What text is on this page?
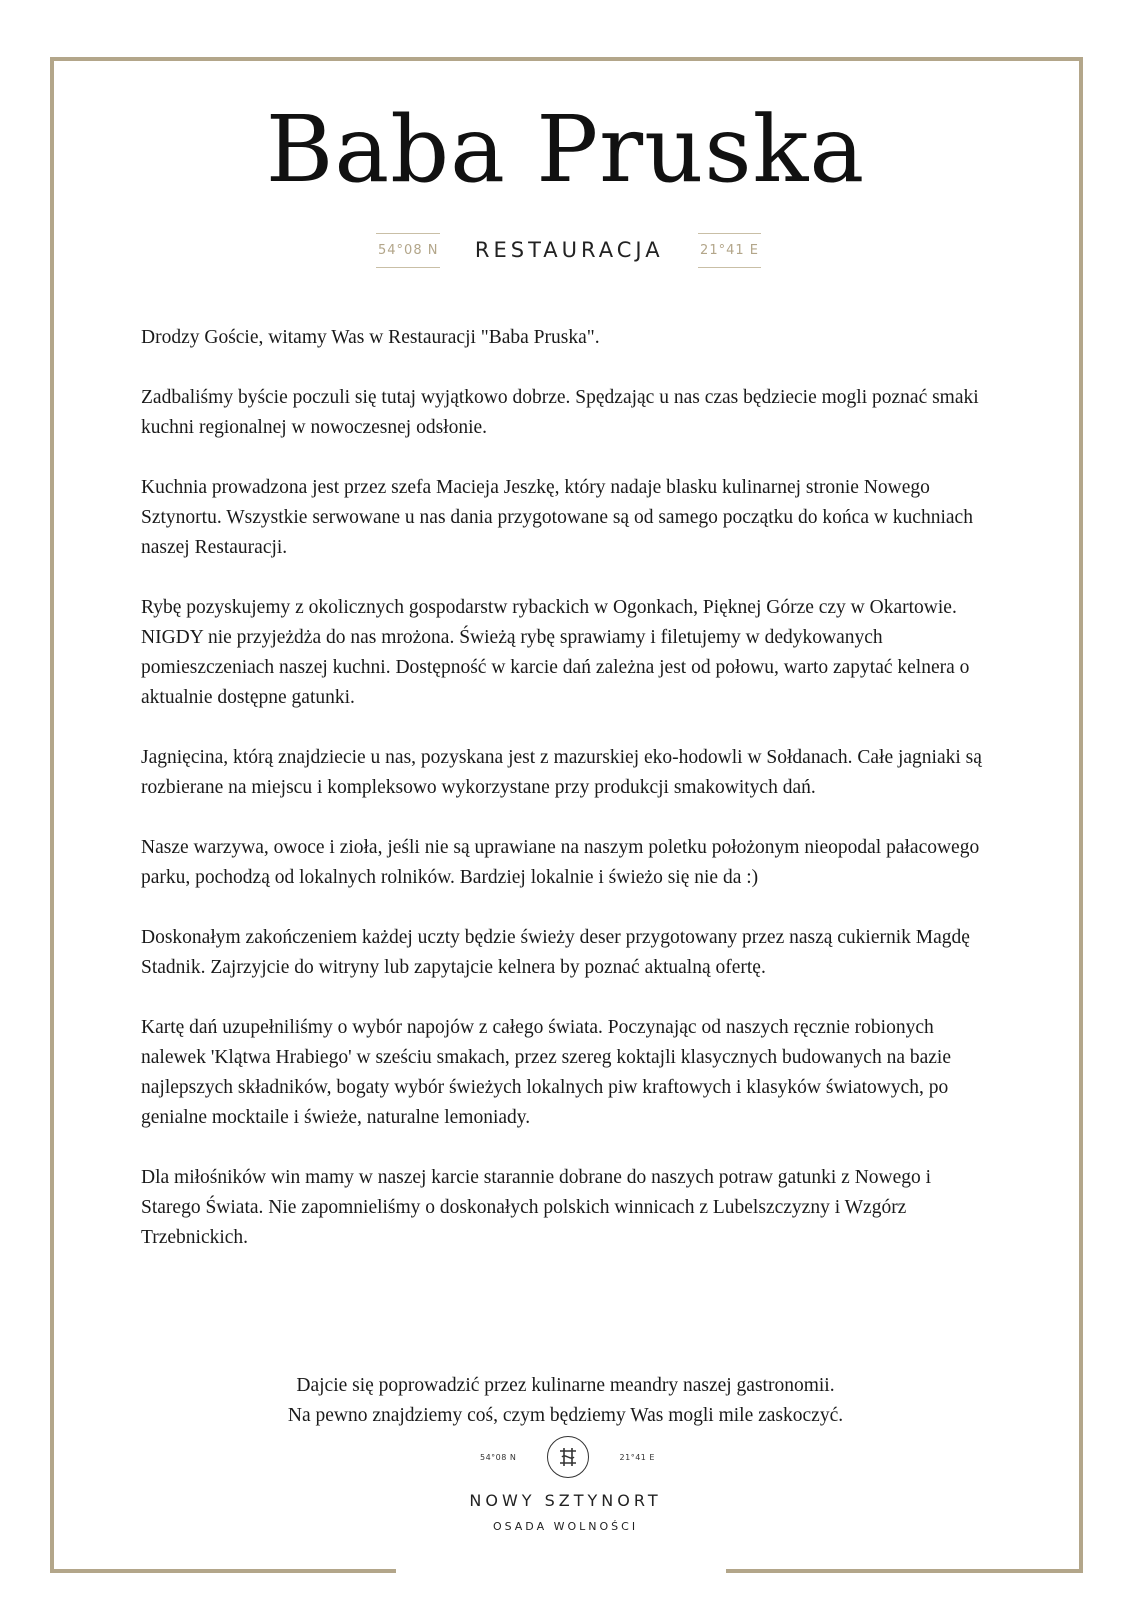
Baba Pruska
54°08 N RESTAURACJA	21°41 E

Drodzy Goście, witamy Was w Restauracji "Baba Pruska".

Zadbaliśmy byście poczuli się tutaj wyjątkowo dobrze. Spędzając u nas czas będziecie mogli poznać smaki kuchni regionalnej w nowoczesnej odsłonie.

Kuchnia prowadzona jest przez szefa Macieja Jeszkę, który nadaje blasku kulinarnej stronie Nowego Sztynortu. Wszystkie serwowane u nas dania przygotowane są od samego początku do końca w kuchniach naszej Restauracji.

Rybę pozyskujemy z okolicznych gospodarstw rybackich w Ogonkach, Pięknej Górze czy w Okartowie. NIGDY nie przyjeżdża do nas mrożona. Świeżą rybę sprawiamy i filetujemy w dedykowanych pomieszczeniach naszej kuchni. Dostępność w karcie dań zależna jest od połowu, warto zapytać kelnera o aktualnie dostępne gatunki.

Jagnięcina, którą znajdziecie u nas, pozyskana jest z mazurskiej eko-hodowli w Sołdanach. Całe jagniaki są rozbierane na miejscu i kompleksowo wykorzystane przy produkcji smakowitych dań.

Nasze warzywa, owoce i zioła, jeśli nie są uprawiane na naszym poletku położonym nieopodal pałacowego parku, pochodzą od lokalnych rolników. Bardziej lokalnie i świeżo się nie da :)

Doskonałym zakończeniem każdej uczty będzie świeży deser przygotowany przez naszą cukiernik Magdę Stadnik. Zajrzyjcie do witryny lub zapytajcie kelnera by poznać aktualną ofertę.

Kartę dań uzupełniliśmy o wybór napojów z całego świata. Poczynając od naszych ręcznie robionych nalewek 'Klątwa Hrabiego' w sześciu smakach, przez szereg koktajli klasycznych budowanych na bazie najlepszych składników, bogaty wybór świeżych lokalnych piw kraftowych i klasyków światowych, po genialne mocktaile i świeże, naturalne lemoniady.

Dla miłośników win mamy w naszej karcie starannie dobrane do naszych potraw gatunki z Nowego i Starego Świata. Nie zapomnieliśmy o doskonałych polskich winnicach z Lubelszczyzny i Wzgórz Trzebnickich.

Dajcie się poprowadzić przez kulinarne meandry naszej gastronomii.

Na pewno znajdziemy coś, czym będziemy Was mogli mile zaskoczyć.

54°08 N	21°41 E
NOWY SZTYNORT
OSADA WOLNOŚCI
